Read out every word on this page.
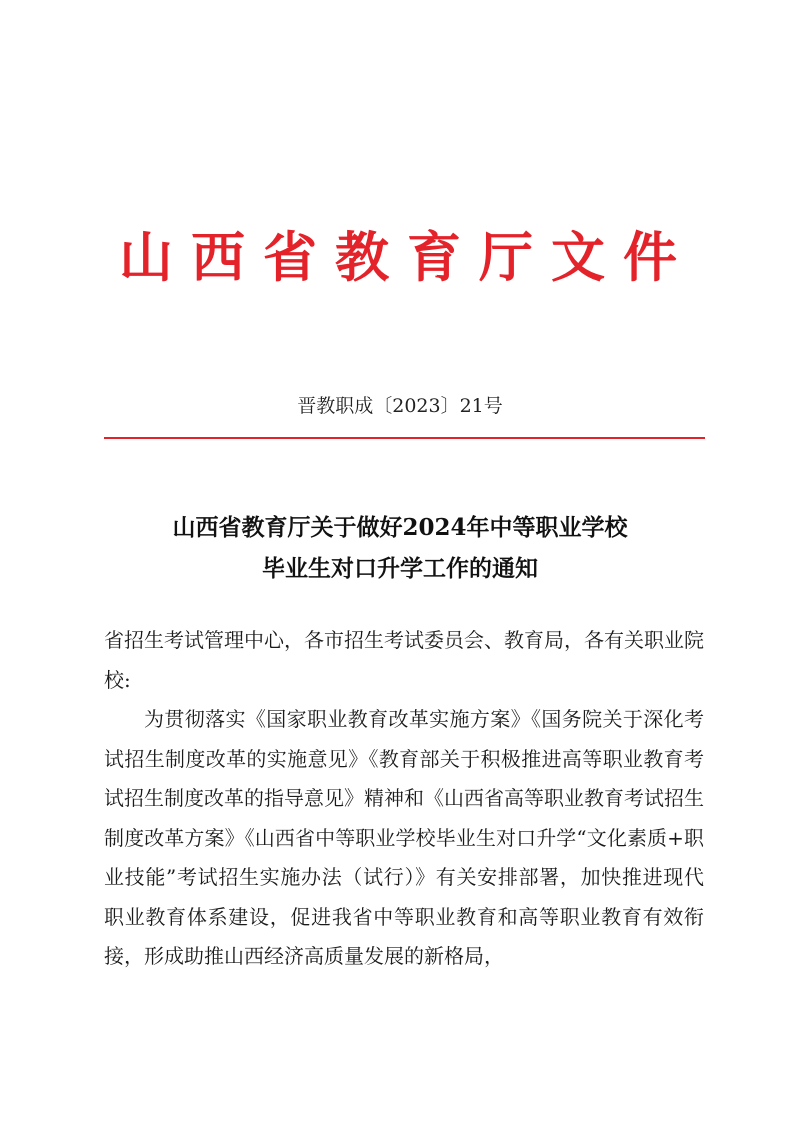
山西省教育厅文件
晋教职成〔2023〕21号
山西省教育厅关于做好2024年中等职业学校
毕业生对口升学工作的通知

省招生考试管理中心，各市招生考试委员会、教育局，各有关职业院校:

为贯彻落实《国家职业教育改革实施方案》《国务院关于深化考试招生制度改革的实施意见》《教育部关于积极推进高等职业教育考试招生制度改革的指导意见》精神和《山西省高等职业教育考试招生制度改革方案》《山西省中等职业学校毕业生对口升学“文化素质+职业技能”考试招生实施办法（试行）》有关安排部署，加快推进现代职业教育体系建设，促进我省中等职业教育和高等职业教育有效衔接，形成助推山西经济高质量发展的新格局，
